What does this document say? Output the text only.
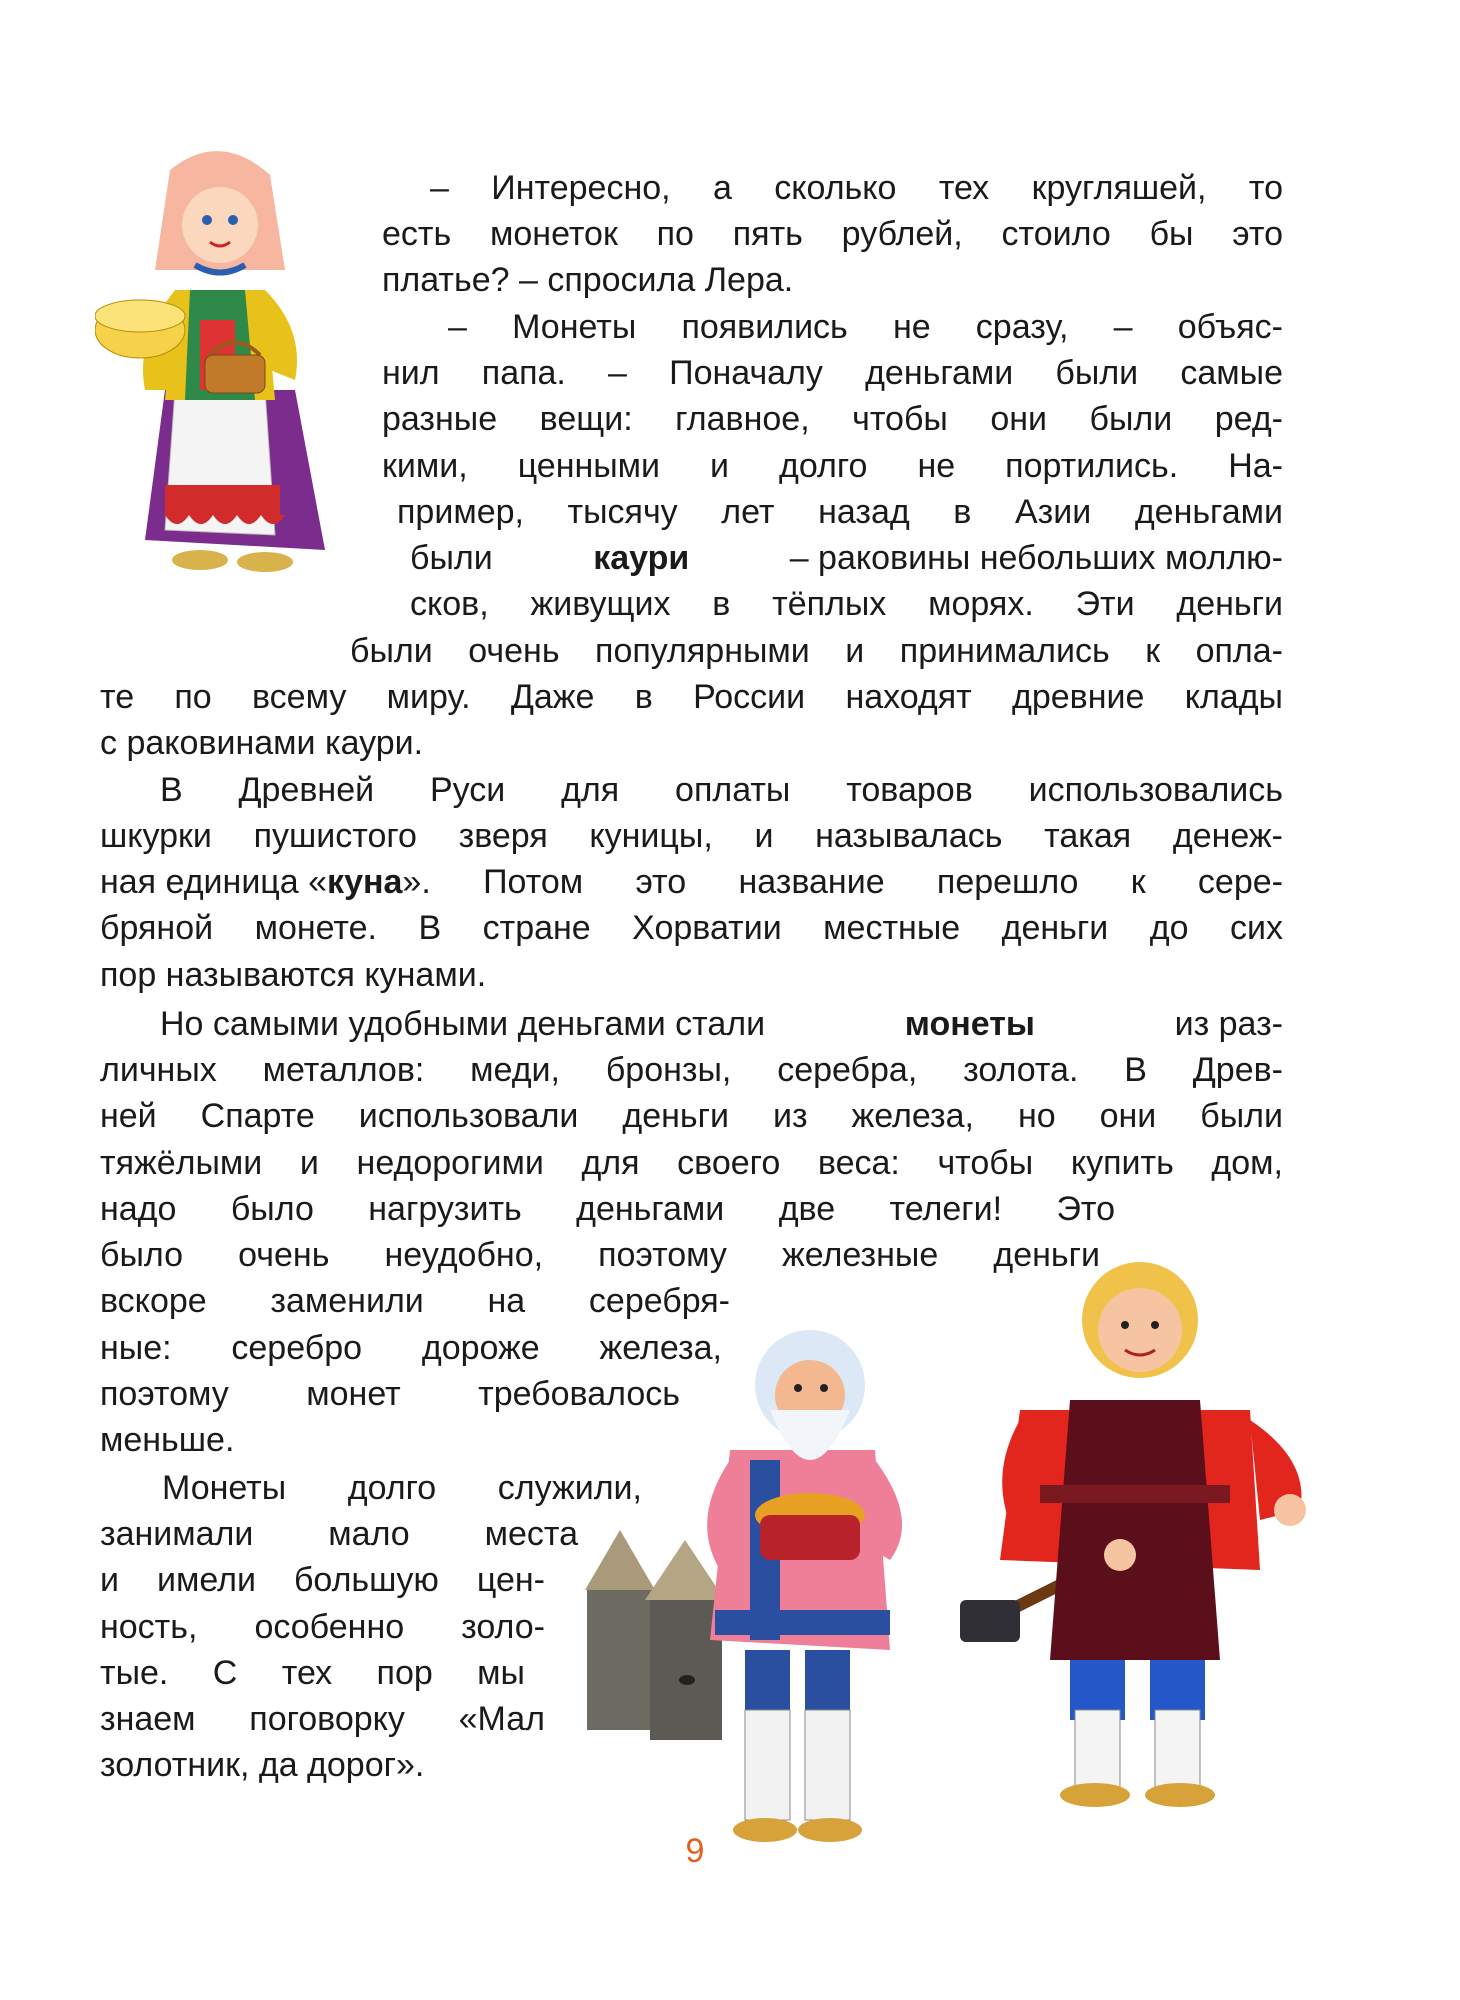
– Интересно, а сколько тех кругляшей, то
есть монеток по пять рублей, стоило бы это
платье? – спросила Лера.
– Монеты появились не сразу, – объяс-
нил папа. – Поначалу деньгами были самые
разные вещи: главное, чтобы они были ред-
кими, ценными и долго не портились. На-
пример, тысячу лет назад в Азии деньгами
были	каури	– раковины небольших моллю-
сков, живущих в тёплых морях. Эти деньги
были очень популярными и принимались к опла-
те по всему миру. Даже в России находят древние клады
с раковинами каури.
В Древней Руси для оплаты товаров использовались
шкурки пушистого зверя куницы, и называлась такая денеж-
ная единица « куна ». Потом это название перешло к сере-
бряной монете. В стране Хорватии местные деньги до сих
пор называются кунами.
Но самыми удобными деньгами стали	монеты	из раз-
личных металлов: меди, бронзы, серебра, золота. В Древ-
ней Спарте использовали деньги из железа, но они были
тяжёлыми и недорогими для своего веса: чтобы купить дом,
надо было нагрузить деньгами две телеги! Это
было очень неудобно, поэтому железные деньги
вскоре заменили на серебря-
ные: серебро дороже железа,
поэтому монет требовалось
меньше.
Монеты долго служили,
занимали мало места
и имели большую цен-
ность, особенно золо-
тые. С тех пор мы
знаем поговорку «Мал
золотник, да дорог».
9
